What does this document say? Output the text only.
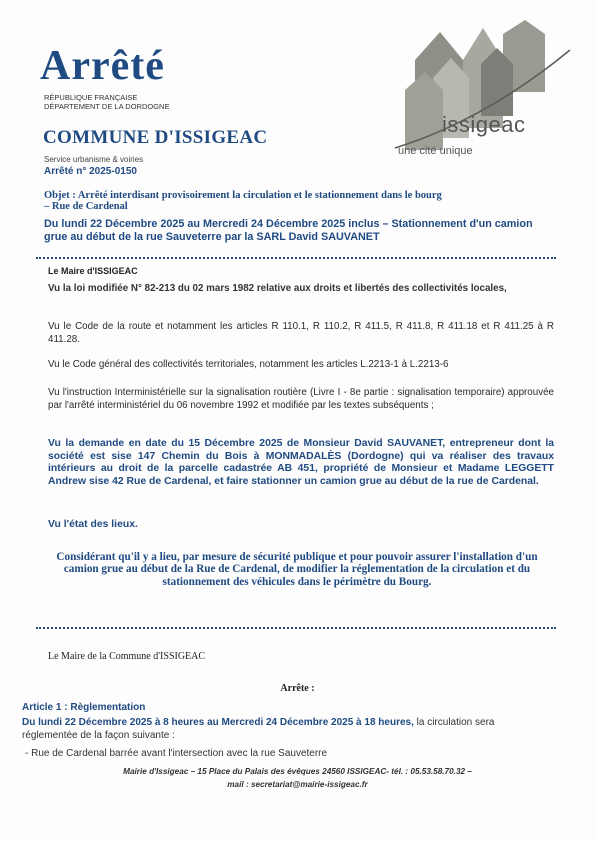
Arrêté
RÉPUBLIQUE FRANÇAISE
DÉPARTEMENT DE LA DORDOGNE
COMMUNE D'ISSIGEAC
Service urbanisme & voiries
Arrêté n° 2025-0150
issigeac
une cité unique
Objet : Arrêté interdisant provisoirement la circulation et le stationnement dans le bourg
– Rue de Cardenal
Du lundi 22 Décembre 2025 au Mercredi 24 Décembre 2025 inclus – Stationnement d'un camion grue au début de la rue Sauveterre par la SARL David SAUVANET
Le Maire d'ISSIGEAC
Vu la loi modifiée N° 82-213 du 02 mars 1982 relative aux droits et libertés des collectivités locales,
Vu le Code de la route et notamment les articles R 110.1, R 110.2, R 411.5, R 411.8, R 411.18 et R 411.25 à R 411.28.
Vu le Code général des collectivités territoriales, notamment les articles L.2213-1 à L.2213-6
Vu l'instruction Interministérielle sur la signalisation routière (Livre I - 8e partie : signalisation temporaire) approuvée par l'arrêté interministériel du 06 novembre 1992 et modifiée par les textes subséquents ;
Vu la demande en date du 15 Décembre 2025 de Monsieur David SAUVANET, entrepreneur dont la société est sise 147 Chemin du Bois à MONMADALÈS (Dordogne) qui va réaliser des travaux intérieurs au droit de la parcelle cadastrée AB 451, propriété de Monsieur et Madame LEGGETT Andrew sise 42 Rue de Cardenal, et faire stationner un camion grue au début de la rue de Cardenal.
Vu l'état des lieux.
Considérant qu'il y a lieu, par mesure de sécurité publique et pour pouvoir assurer l'installation d'un camion grue au début de la Rue de Cardenal, de modifier la réglementation de la circulation et du stationnement des véhicules dans le périmètre du Bourg.
Le Maire de la Commune d'ISSIGEAC
Arrête :
Article 1 : Règlementation
Du lundi 22 Décembre 2025 à 8 heures au Mercredi 24 Décembre 2025 à 18 heures, la circulation sera réglementée de la façon suivante :
- Rue de Cardenal barrée avant l'intersection avec la rue Sauveterre
Mairie d'Issigeac – 15 Place du Palais des évêques 24560 ISSIGEAC- tél. : 05.53.58.70.32 –
mail : secretariat@mairie-issigeac.fr
